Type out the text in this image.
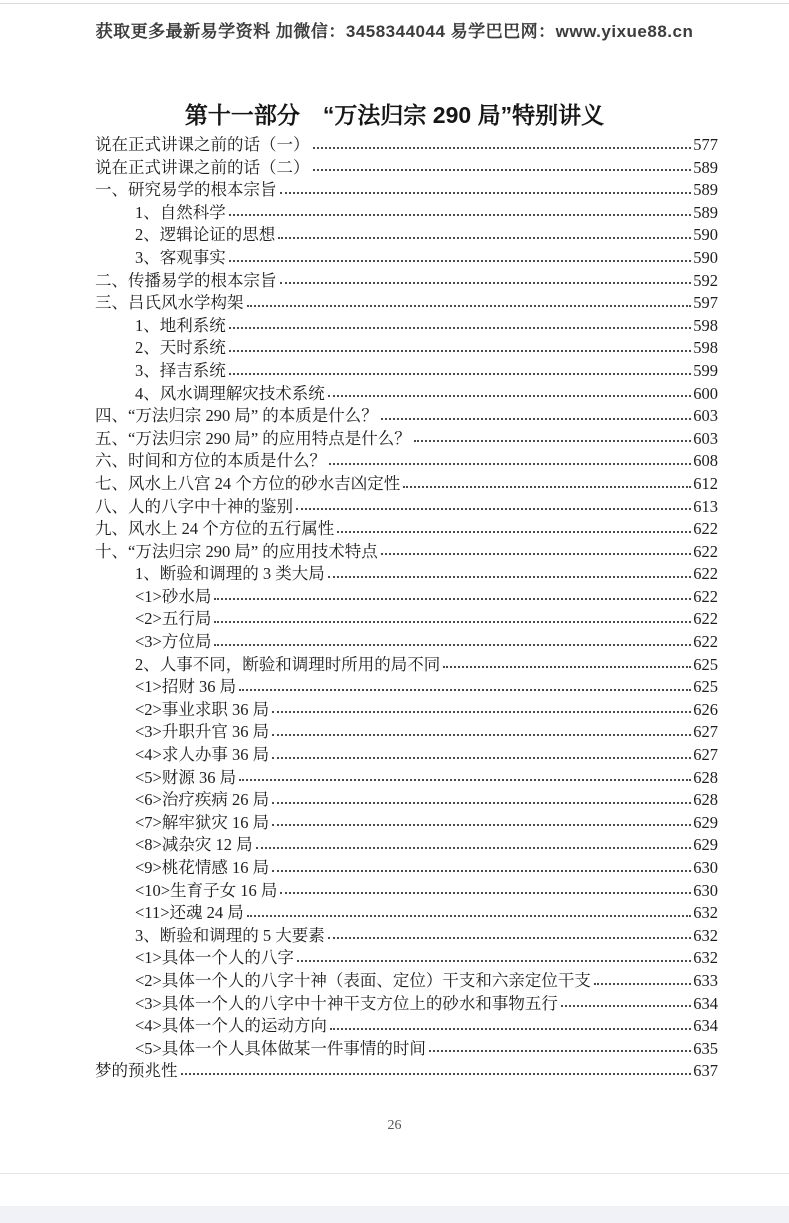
获取更多最新易学资料 加微信：3458344044 易学巴巴网：www.yixue88.cn
第十一部分　“万法归宗 290 局”特别讲义
说在正式讲课之前的话（一）	577
说在正式讲课之前的话（二）	589
一、研究易学的根本宗旨	589
1、自然科学	589
2、逻辑论证的思想	590
3、客观事实	590
二、传播易学的根本宗旨	592
三、吕氏风水学构架	597
1、地利系统	598
2、天时系统	598
3、择吉系统	599
4、风水调理解灾技术系统	600
四、“万法归宗 290 局” 的本质是什么？	603
五、“万法归宗 290 局” 的应用特点是什么？	603
六、时间和方位的本质是什么？	608
七、风水上八宫 24 个方位的砂水吉凶定性	612
八、人的八字中十神的鉴别	613
九、风水上 24 个方位的五行属性	622
十、“万法归宗 290 局” 的应用技术特点	622
1、断验和调理的 3 类大局	622
<1>砂水局	622
<2>五行局	622
<3>方位局	622
2、人事不同，断验和调理时所用的局不同	625
<1>招财 36 局	625
<2>事业求职 36 局	626
<3>升职升官 36 局	627
<4>求人办事 36 局	627
<5>财源 36 局	628
<6>治疗疾病 26 局	628
<7>解牢狱灾 16 局	629
<8>减杂灾 12 局	629
<9>桃花情感 16 局	630
<10>生育子女 16 局	630
<11>还魂 24 局	632
3、断验和调理的 5 大要素	632
<1>具体一个人的八字	632
<2>具体一个人的八字十神（表面、定位）干支和六亲定位干支	633
<3>具体一个人的八字中十神干支方位上的砂水和事物五行	634
<4>具体一个人的运动方向	634
<5>具体一个人具体做某一件事情的时间	635
梦的预兆性	637
26
